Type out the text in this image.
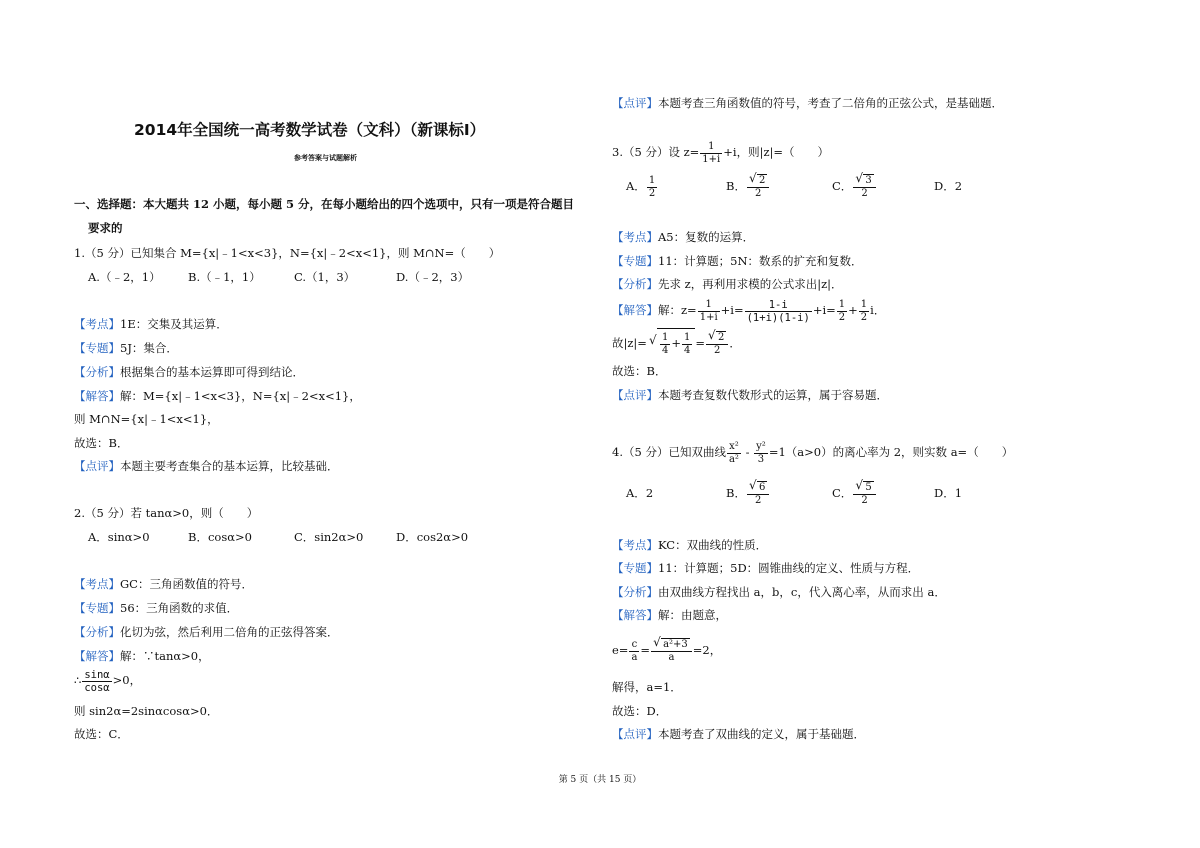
2014年全国统一高考数学试卷（文科）（新课标Ⅰ）
参考答案与试题解析
一、选择题：本大题共 12 小题，每小题 5 分，在每小题给出的四个选项中，只有一项是符合题目
要求的
1.（5 分）已知集合 M={x|﹣1<x<3}，N={x|﹣2<x<1}，则 M∩N=（　　）
A.（﹣2，1） B.（﹣1，1）	C.（1，3）	D.（﹣2，3）
【考点】1E：交集及其运算．
【专题】5J：集合．
【分析】根据集合的基本运算即可得到结论．
【解答】解：M={x|﹣1<x<3}，N={x|﹣2<x<1}，
则 M∩N={x|﹣1<x<1}，
故选：B．
【点评】本题主要考查集合的基本运算，比较基础．
2.（5 分）若 tanα>0，则（　　）
A．sinα>0	B．cosα>0	C．sin2α>0	D．cos2α>0
【考点】GC：三角函数值的符号．
【专题】56：三角函数的求值．
【分析】化切为弦，然后利用二倍角的正弦得答案．
【解答】解：∵tanα>0，
∴ $\frac{\sin\alpha}{\cos\alpha} >0$，
则 sin2α=2sinαcosα>0．
故选：C．
【点评】本题考查三角函数值的符号，考查了二倍角的正弦公式，是基础题．
3.（5 分）设 $z= \frac{1}{1+i} +i$，则|z|=（　　）
A． $\frac{1}{2}$	B． √ $\frac{2}{2}$	C． √ $\frac{3}{2}$	D．2
【考点】A5：复数的运算．
【专题】11：计算题；5N：数系的扩充和复数．
【分析】先求 z，再利用求模的公式求出|z|．
【解答】解：$z= \frac{1}{1+i} +i= \frac{1-i}{(1+i)(1-i)} +i= \frac{1}{2} + \frac{1}{2}$ i．
故|z|= √ $\frac{1}{4} + \frac{1}{4}$ = √ $\frac{2}{2}$ ．
故选：B．
【点评】本题考查复数代数形式的运算，属于容易题．
4.（5 分）已知双曲线 $\frac{\text{x²}}{\text{a²}} - \frac{\text{y²}}{3} =1(a>0)$的离心率为 2，则实数 a=（　　）
A．2	B． √ $\frac{6}{2}$	C． √ $\frac{5}{2}$	D．1
【考点】KC：双曲线的性质．
【专题】11：计算题；5D：圆锥曲线的定义、性质与方程．
【分析】由双曲线方程找出 a，b，c，代入离心率，从而求出 a．
【解答】解：由题意，
$e= \frac{c}{a}$ = √ $\frac{\text{a²+3}}{a} =2$，
解得，a=1．
故选：D．
【点评】本题考查了双曲线的定义，属于基础题．
第 5 页（共 15 页）
